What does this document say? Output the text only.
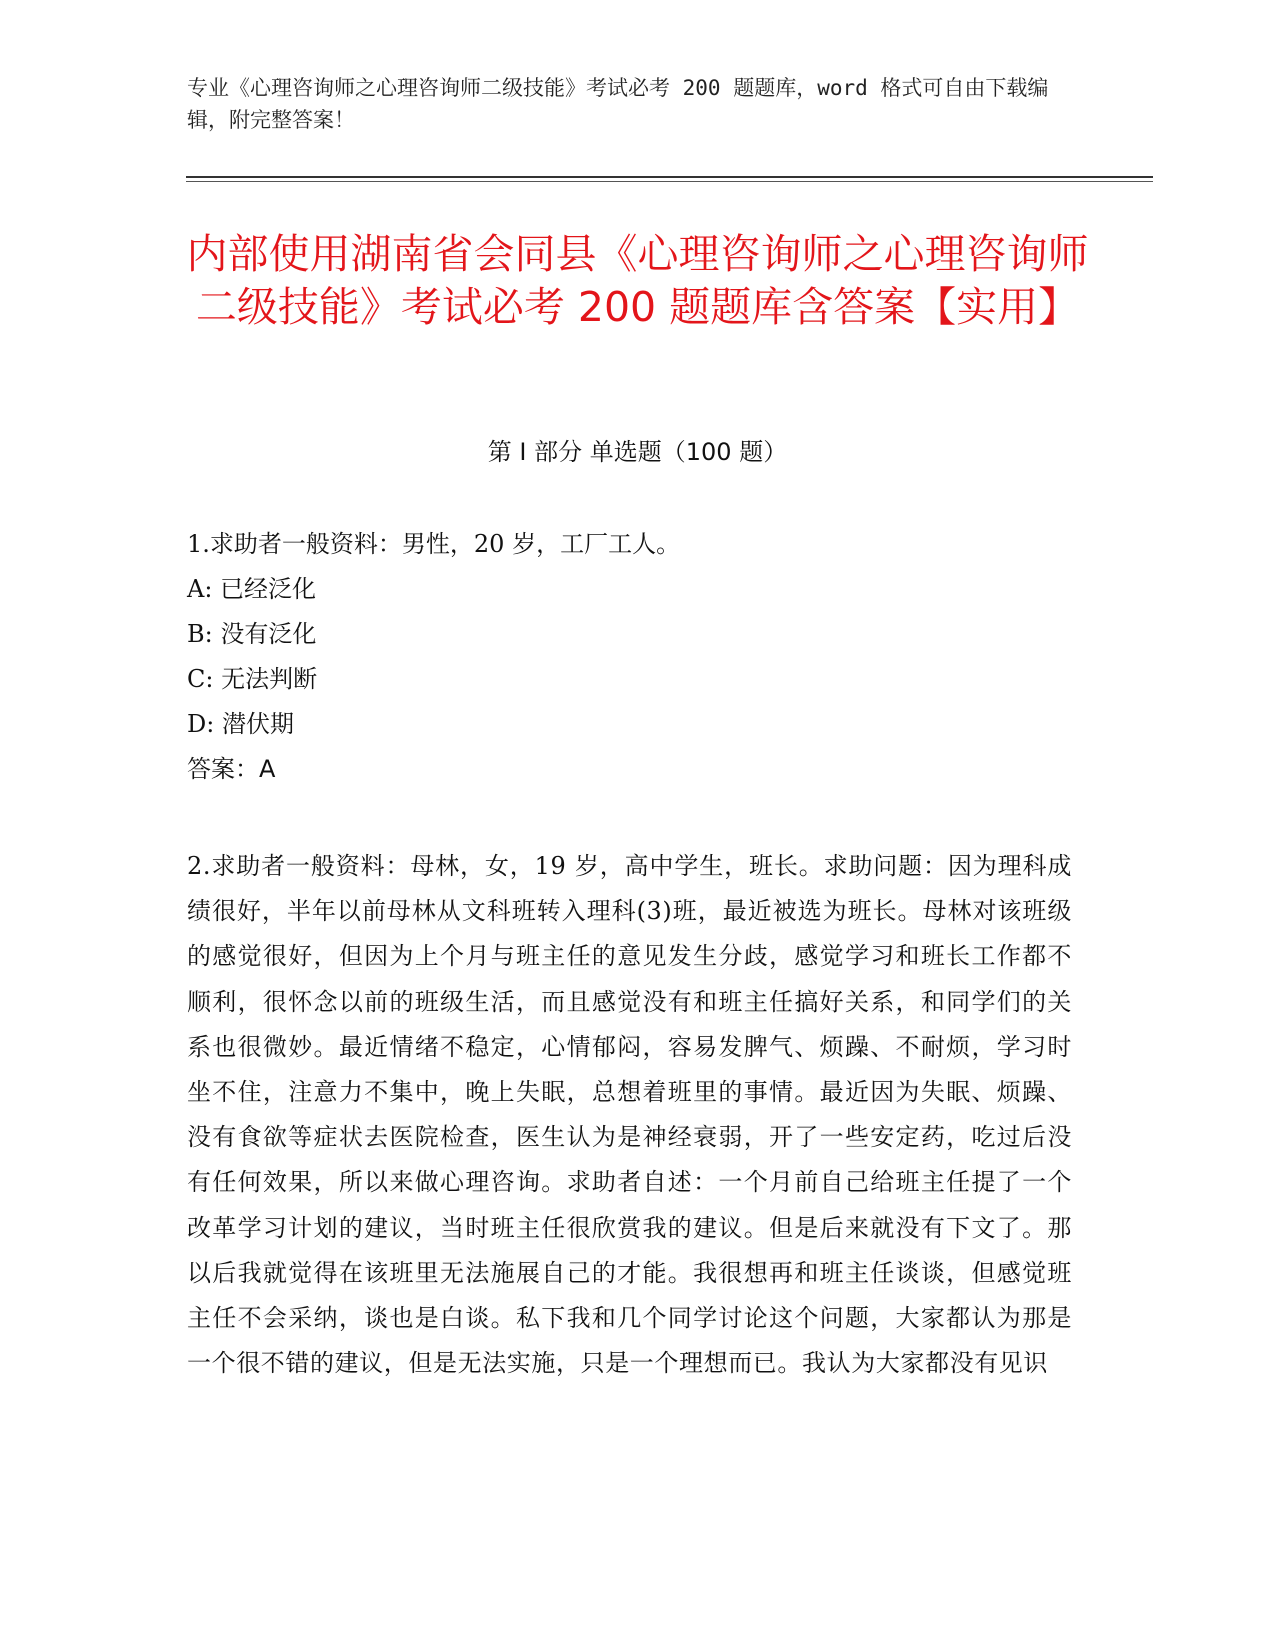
专业《心理咨询师之心理咨询师二级技能》考试必考 200 题题库，word 格式可自由下载编辑，附完整答案！

内部使用湖南省会同县《心理咨询师之心理咨询师二级技能》考试必考 200 题题库含答案【实用】
第 I 部分 单选题（100 题）

1.求助者一般资料：男性，20 岁，工厂工人。

A: 已经泛化

B: 没有泛化

C: 无法判断

D: 潜伏期

答案：A

2.求助者一般资料：母林，女，19 岁，高中学生，班长。求助问题：因为理科成绩很好，半年以前母林从文科班转入理科(3)班，最近被选为班长。母林对该班级的感觉很好，但因为上个月与班主任的意见发生分歧，感觉学习和班长工作都不顺利，很怀念以前的班级生活，而且感觉没有和班主任搞好关系，和同学们的关系也很微妙。最近情绪不稳定，心情郁闷，容易发脾气、烦躁、不耐烦，学习时坐不住，注意力不集中，晚上失眠，总想着班里的事情。最近因为失眠、烦躁、没有食欲等症状去医院检查，医生认为是神经衰弱，开了一些安定药，吃过后没有任何效果，所以来做心理咨询。求助者自述：一个月前自己给班主任提了一个改革学习计划的建议，当时班主任很欣赏我的建议。但是后来就没有下文了。那以后我就觉得在该班里无法施展自己的才能。我很想再和班主任谈谈，但感觉班主任不会采纳，谈也是白谈。私下我和几个同学讨论这个问题，大家都认为那是一个很不错的建议，但是无法实施，只是一个理想而已。我认为大家都没有见识
